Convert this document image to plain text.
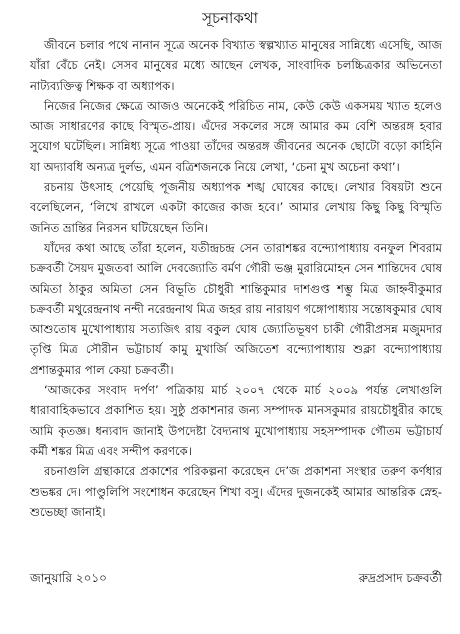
সূচনাকথা

জীবনে চলার পথে নানান সূত্রে অনেক বিখ্যাত স্বল্পখ্যাত মানুষের সান্নিধ্যে এসেছি, আজ যাঁরা বেঁচে নেই। সেসব মানুষের মধ্যে আছেন লেখক, সাংবাদিক চলচ্চিত্রকার অভিনেতা নাট্যব্যক্তিত্ব শিক্ষক বা অধ্যাপক।

নিজের নিজের ক্ষেত্রে আজও অনেকেই পরিচিত নাম, কেউ কেউ একসময় খ্যাত হলেও আজ সাধারণের কাছে বিস্মৃত-প্রায়। এঁদের সকলের সঙ্গে আমার কম বেশি অন্তরঙ্গ হবার সুযোগ ঘটেছিল। সান্নিধ্য সূত্রে পাওয়া তাঁদের অন্তরঙ্গ জীবনের অনেক ছোটো বড়ো কাহিনি যা অদ্যাবধি অন্যত্র দুর্লভ, এমন বত্রিশজনকে নিয়ে লেখা, ‘চেনা মুখ অচেনা কথা’।

রচনায় উৎসাহ পেয়েছি পূজনীয় অধ্যাপক শঙ্খ ঘোষের কাছে। লেখার বিষয়টা শুনে বলেছিলেন, ‘লিখে রাখলে একটা কাজের কাজ হবে।’ আমার লেখায় কিছু কিছু বিস্মৃতি জনিত ভ্রান্তির নিরসন ঘটিয়েছেন তিনি।

যাঁদের কথা আছে তাঁরা হলেন, যতীন্দ্রচন্দ্র সেন তারাশঙ্কর বন্দ্যোপাধ্যায় বনফুল শিবরাম চক্রবর্তী সৈয়দ মুজতবা আলি দেবজ্যোতি বর্মণ গৌরী ভঞ্জ মুরারিমোহন সেন শান্তিদেব ঘোষ অমিতা ঠাকুর অমিতা সেন বিভূতি চৌধুরী শান্তিকুমার দাশগুপ্ত শম্ভু মিত্র জাহ্নবীকুমার চক্রবর্তী মথুরেন্দ্রনাথ নন্দী নরেন্দ্রনাথ মিত্র জহর রায় নারায়ণ গঙ্গোপাধ্যায় সন্তোষকুমার ঘোষ আশুতোষ মুখোপাধ্যায় সত্যজিৎ রায় বকুল ঘোষ জ্যোতিভূষণ চাকী গৌরীপ্রসন্ন মজুমদার তৃপ্তি মিত্র সৌরীন ভট্টাচার্য কামু মুখার্জি অজিতেশ বন্দ্যোপাধ্যায় শুক্লা বন্দ্যোপাধ্যায় প্রশান্তকুমার পাল কেয়া চক্রবর্তী।

‘আজকের সংবাদ দর্পণ’ পত্রিকায় মার্চ ২০০৭ থেকে মার্চ ২০০৯ পর্যন্ত লেখাগুলি ধারাবাহিকভাবে প্রকাশিত হয়। সুষ্ঠু প্রকাশনার জন্য সম্পাদক মানসকুমার রায়চৌধুরীর কাছে আমি কৃতজ্ঞ। ধন্যবাদ জানাই উপদেষ্টা বৈদ্যনাথ মুখোপাধ্যায় সহসম্পাদক গৌতম ভট্টাচার্য কর্মী শঙ্কর মিত্র এবং সন্দীপ করণকে।

রচনাগুলি গ্রন্থাকারে প্রকাশের পরিকল্পনা করেছেন দে’জ প্রকাশনা সংস্থার তরুণ কর্ণধার শুভঙ্কর দে। পাণ্ডুলিপি সংশোধন করেছেন শিখা বসু। এঁদের দুজনকেই আমার আন্তরিক স্নেহ-শুভেচ্ছা জানাই।

জানুয়ারি ২০১০	রুদ্রপ্রসাদ চক্রবর্তী
